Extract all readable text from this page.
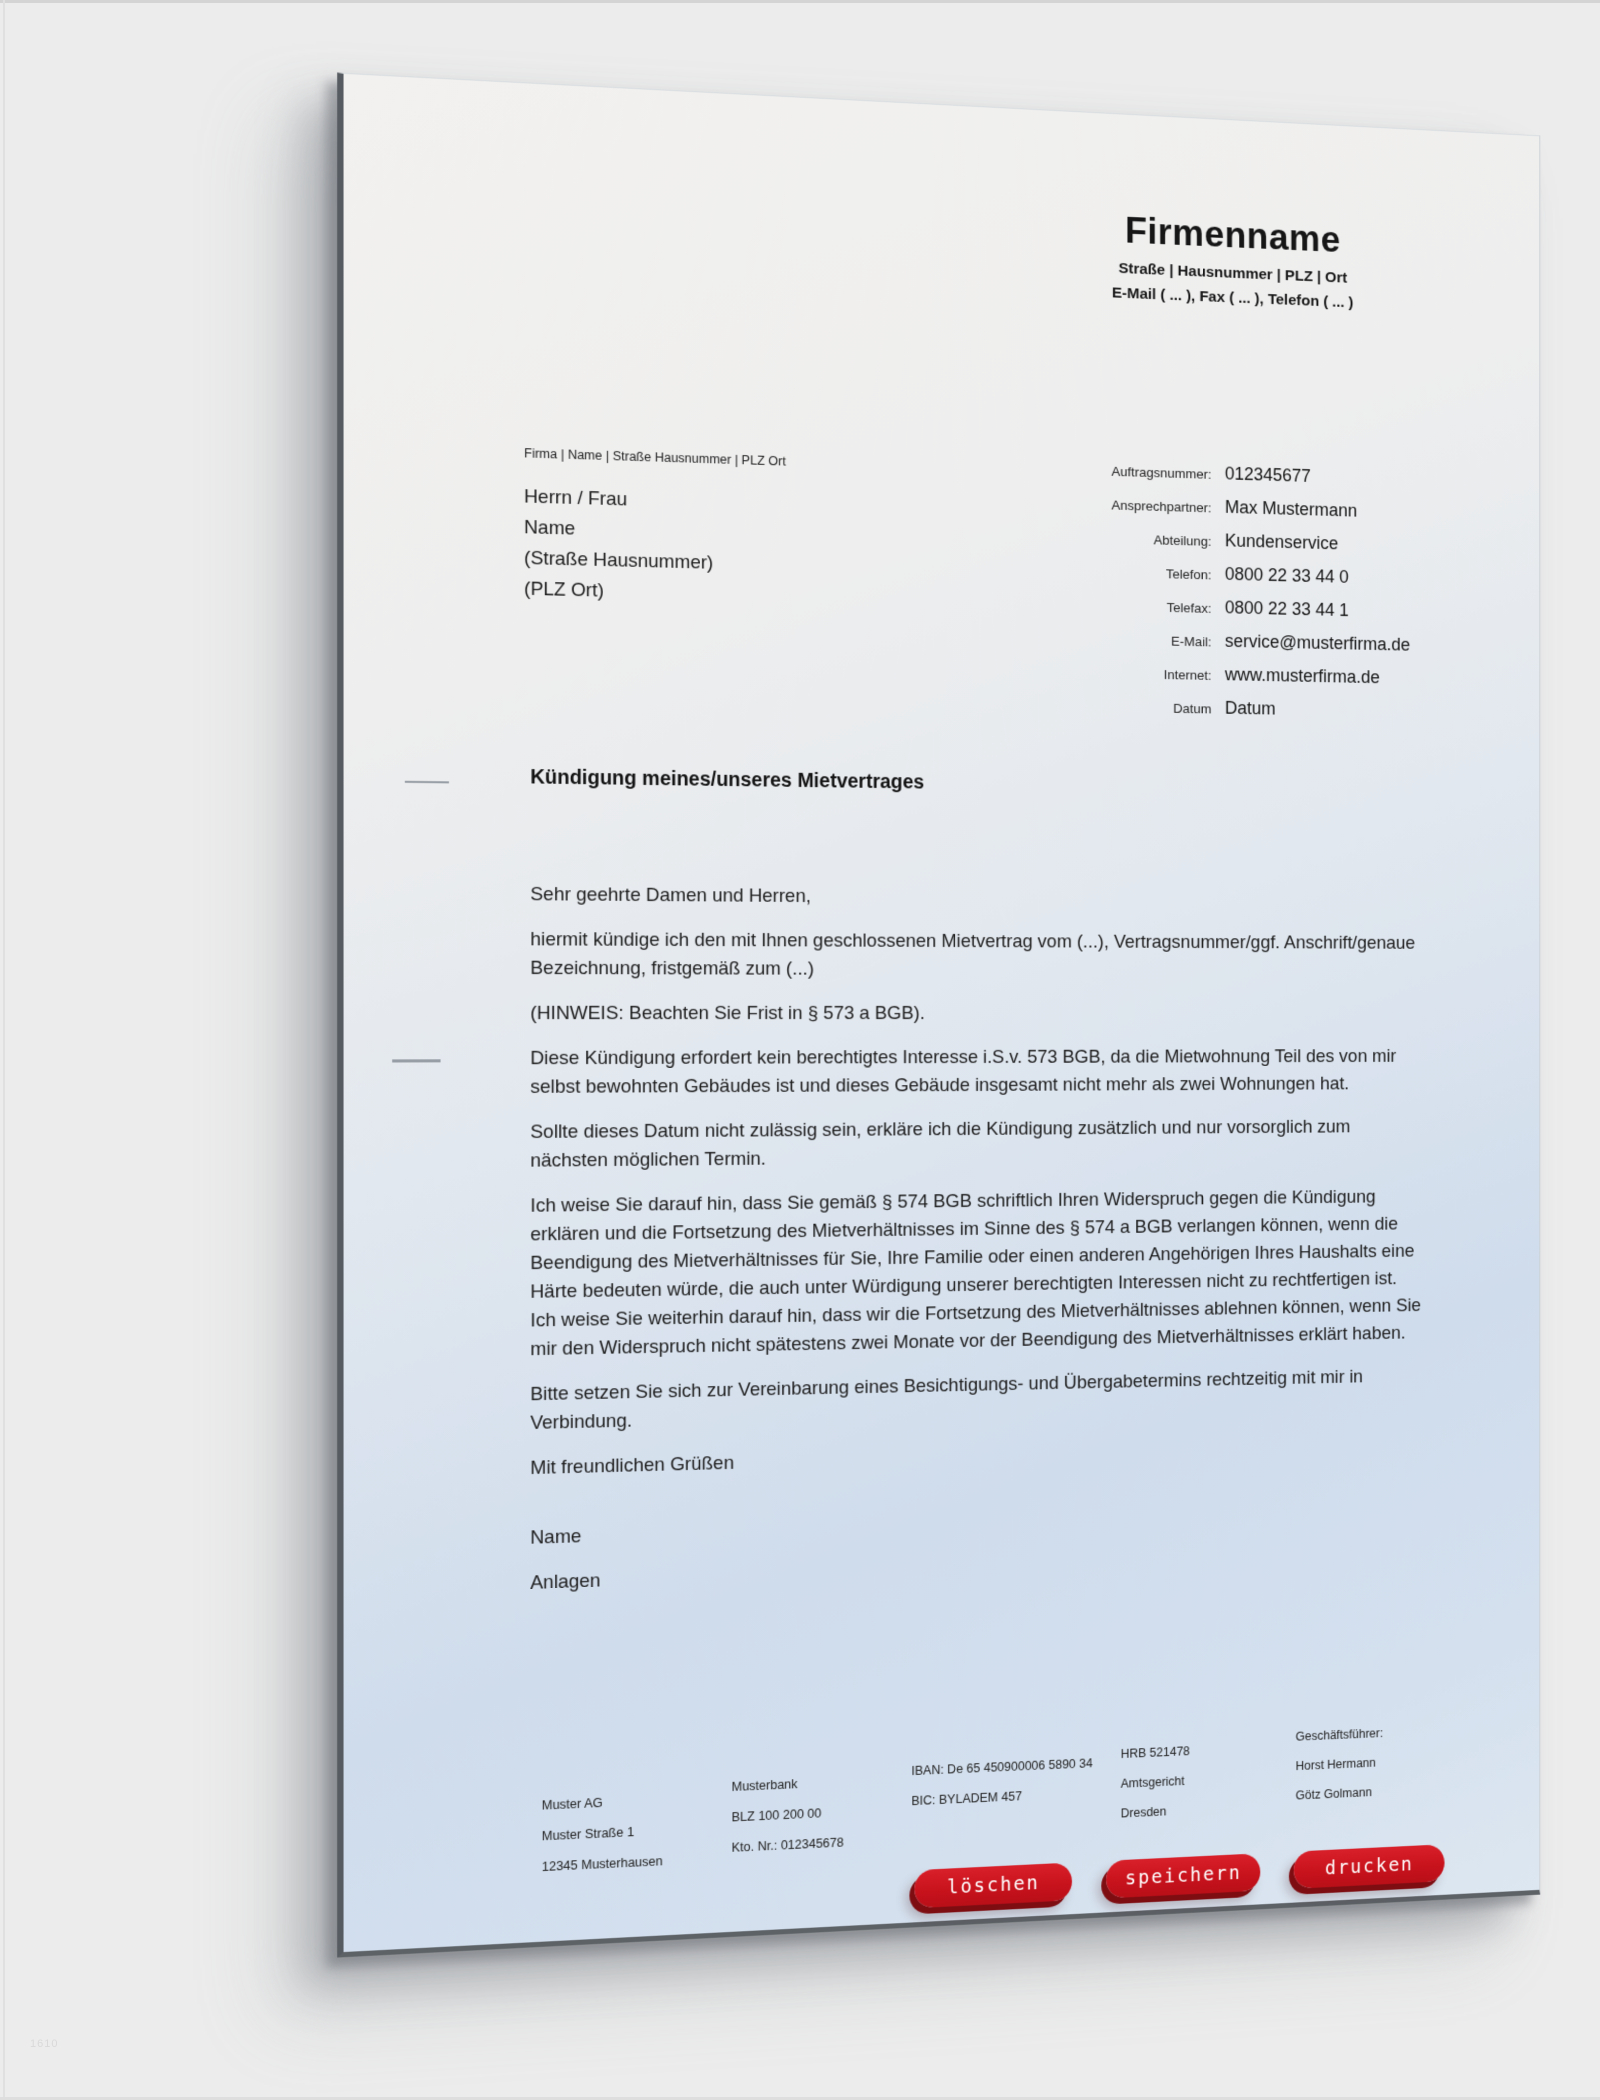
1610
Firmenname
Straße | Hausnummer | PLZ | Ort
E-Mail ( ... ), Fax ( ... ), Telefon ( ... )
Firma | Name | Straße Hausnummer | PLZ Ort
Herrn / Frau
Name
(Straße Hausnummer)
(PLZ Ort)
Auftragsnummer: 012345677
Ansprechpartner: Max Mustermann
Abteilung: Kundenservice
Telefon: 0800 22 33 44 0
Telefax: 0800 22 33 44 1
E-Mail: service@musterfirma.de
Internet: www.musterfirma.de
Datum Datum
Kündigung meines/unseres Mietvertrages

Sehr geehrte Damen und Herren,

hiermit kündige ich den mit Ihnen geschlossenen Mietvertrag vom (...), Vertragsnummer/ggf. Anschrift/genaue Bezeichnung, fristgemäß zum (...)

(HINWEIS: Beachten Sie Frist in § 573 a BGB).

Diese Kündigung erfordert kein berechtigtes Interesse i.S.v. 573 BGB, da die Mietwohnung Teil des von mir selbst bewohnten Gebäudes ist und dieses Gebäude insgesamt nicht mehr als zwei Wohnungen hat.

Sollte dieses Datum nicht zulässig sein, erkläre ich die Kündigung zusätzlich und nur vorsorglich zum nächsten möglichen Termin.

Ich weise Sie darauf hin, dass Sie gemäß § 574 BGB schriftlich Ihren Widerspruch gegen die Kündigung erklären und die Fortsetzung des Mietverhältnisses im Sinne des § 574 a BGB verlangen können, wenn die Beendigung des Mietverhältnisses für Sie, Ihre Familie oder einen anderen Angehörigen Ihres Haushalts eine Härte bedeuten würde, die auch unter Würdigung unserer berechtigten Interessen nicht zu rechtfertigen ist. Ich weise Sie weiterhin darauf hin, dass wir die Fortsetzung des Mietverhältnisses ablehnen können, wenn Sie mir den Widerspruch nicht spätestens zwei Monate vor der Beendigung des Mietverhältnisses erklärt haben.

Bitte setzen Sie sich zur Vereinbarung eines Besichtigungs- und Übergabetermins rechtzeitig mit mir in Verbindung.

Mit freundlichen Grüßen

Name

Anlagen

Muster AG
Muster Straße 1
12345 Musterhausen
Musterbank
BLZ 100 200 00
Kto. Nr.: 012345678
IBAN: De 65 450900006 5890 34
BIC: BYLADEM 457
HRB 521478
Amtsgericht
Dresden
Geschäftsführer:
Horst Hermann
Götz Golmann
löschen	speichern	drucken
